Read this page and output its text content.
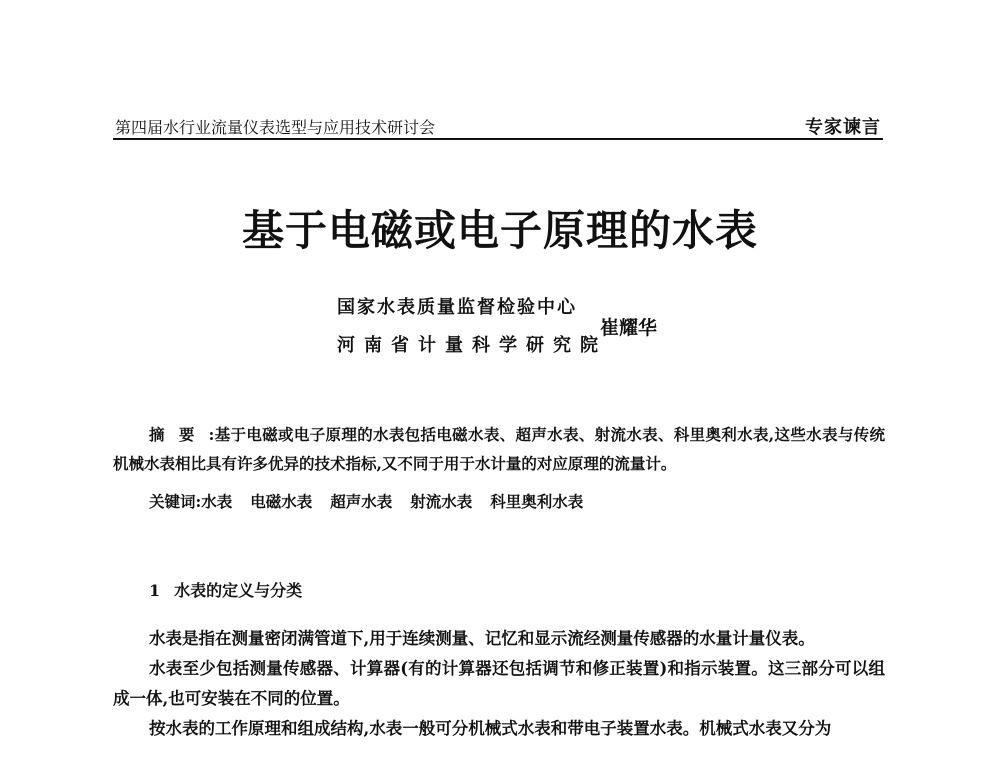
第四届水行业流量仪表选型与应用技术研讨会	专家谏言
基于电磁或电子原理的水表
国家水表质量监督检验中心
河南省计量科学研究院
崔耀华
摘要:基于电磁或电子原理的水表包括电磁水表、超声水表、射流水表、科里奥利水表,这些水表与传统机械水表相比具有许多优异的技术指标,又不同于用于水计量的对应原理的流量计。
关键词:水表 电磁水表 超声水表 射流水表 科里奥利水表
1 水表的定义与分类

水表是指在测量密闭满管道下,用于连续测量、记忆和显示流经测量传感器的水量计量仪表。

水表至少包括测量传感器、计算器(有的计算器还包括调节和修正装置)和指示装置。这三部分可以组成一体,也可安装在不同的位置。

按水表的工作原理和组成结构,水表一般可分机械式水表和带电子装置水表。机械式水表又分为
